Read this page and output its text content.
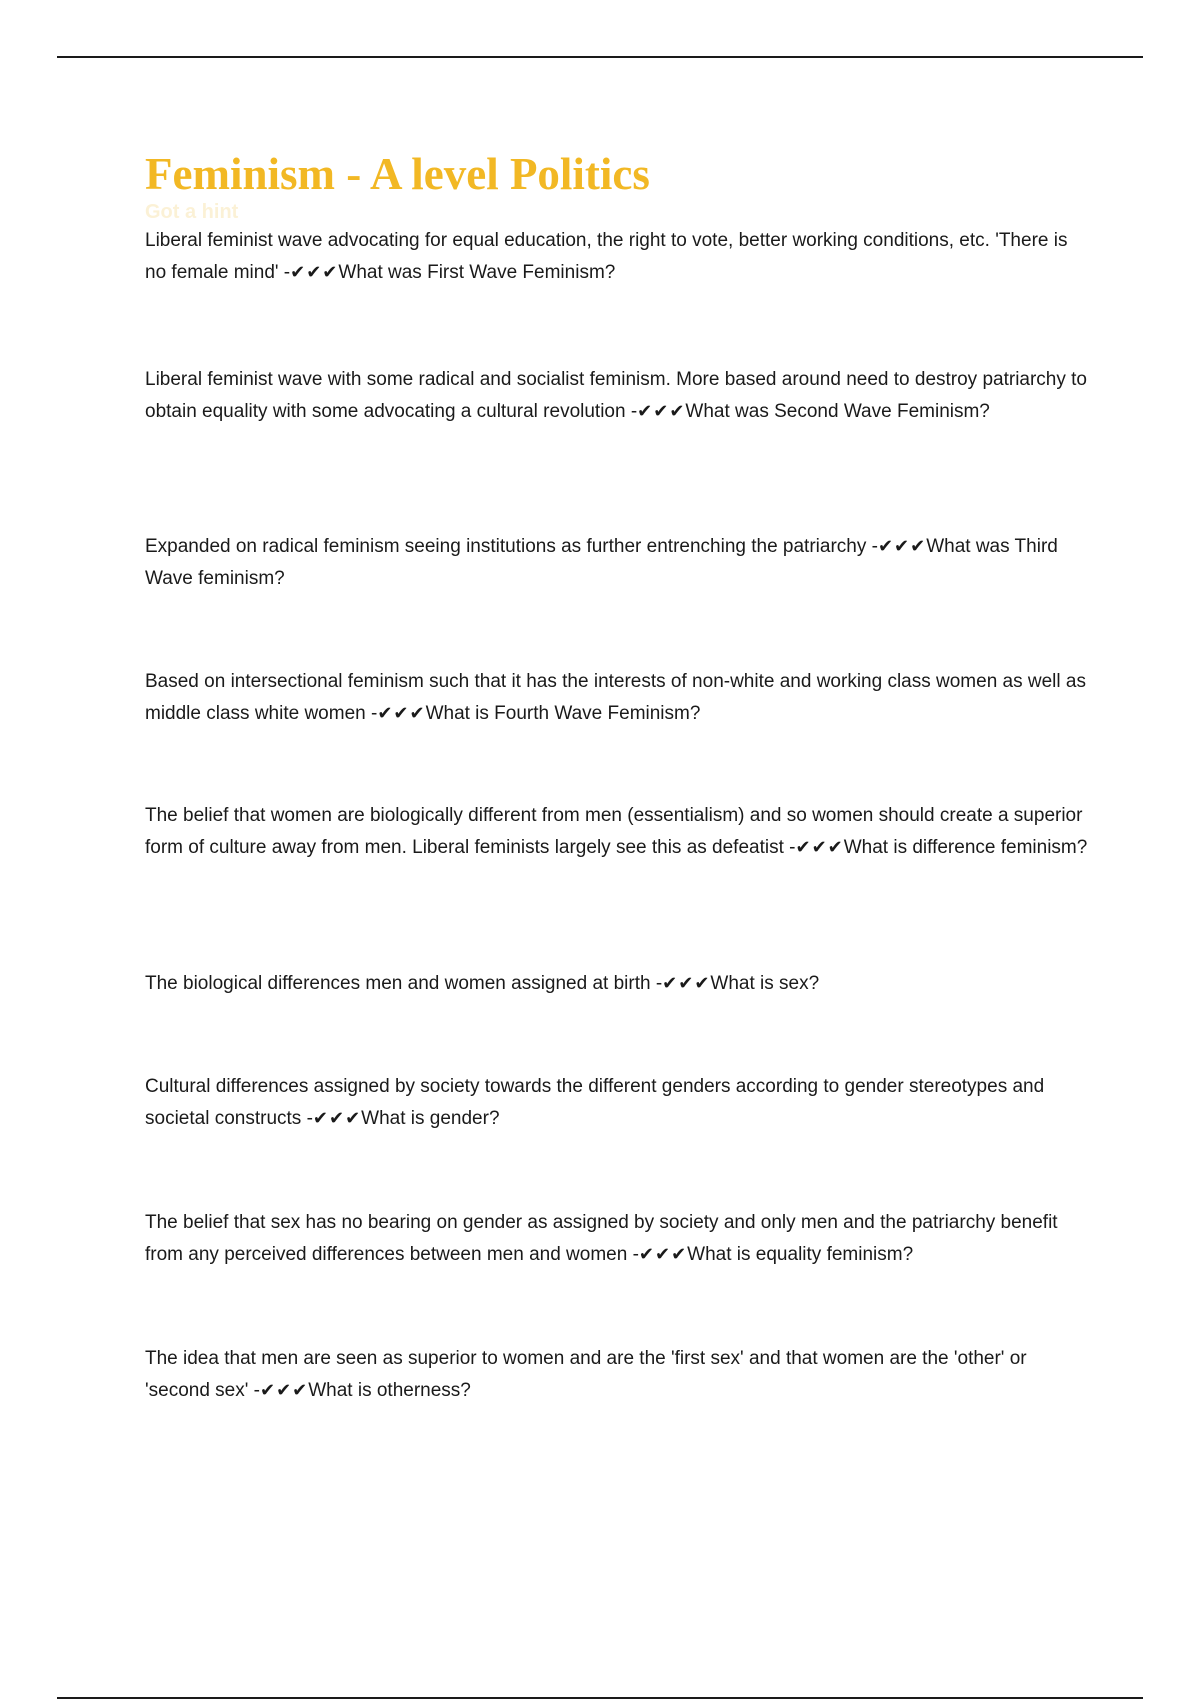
Feminism - A level Politics
Got a hint

Liberal feminist wave advocating for equal education, the right to vote, better working conditions, etc. 'There is no female mind' -✔✔✔What was First Wave Feminism?

Liberal feminist wave with some radical and socialist feminism. More based around need to destroy patriarchy to obtain equality with some advocating a cultural revolution -✔✔✔What was Second Wave Feminism?

Expanded on radical feminism seeing institutions as further entrenching the patriarchy -✔✔✔What was Third Wave feminism?

Based on intersectional feminism such that it has the interests of non-white and working class women as well as middle class white women -✔✔✔What is Fourth Wave Feminism?

The belief that women are biologically different from men (essentialism) and so women should create a superior form of culture away from men. Liberal feminists largely see this as defeatist -✔✔✔What is difference feminism?

The biological differences men and women assigned at birth -✔✔✔What is sex?

Cultural differences assigned by society towards the different genders according to gender stereotypes and societal constructs -✔✔✔What is gender?

The belief that sex has no bearing on gender as assigned by society and only men and the patriarchy benefit from any perceived differences between men and women -✔✔✔What is equality feminism?

The idea that men are seen as superior to women and are the 'first sex' and that women are the 'other' or 'second sex' -✔✔✔What is otherness?
